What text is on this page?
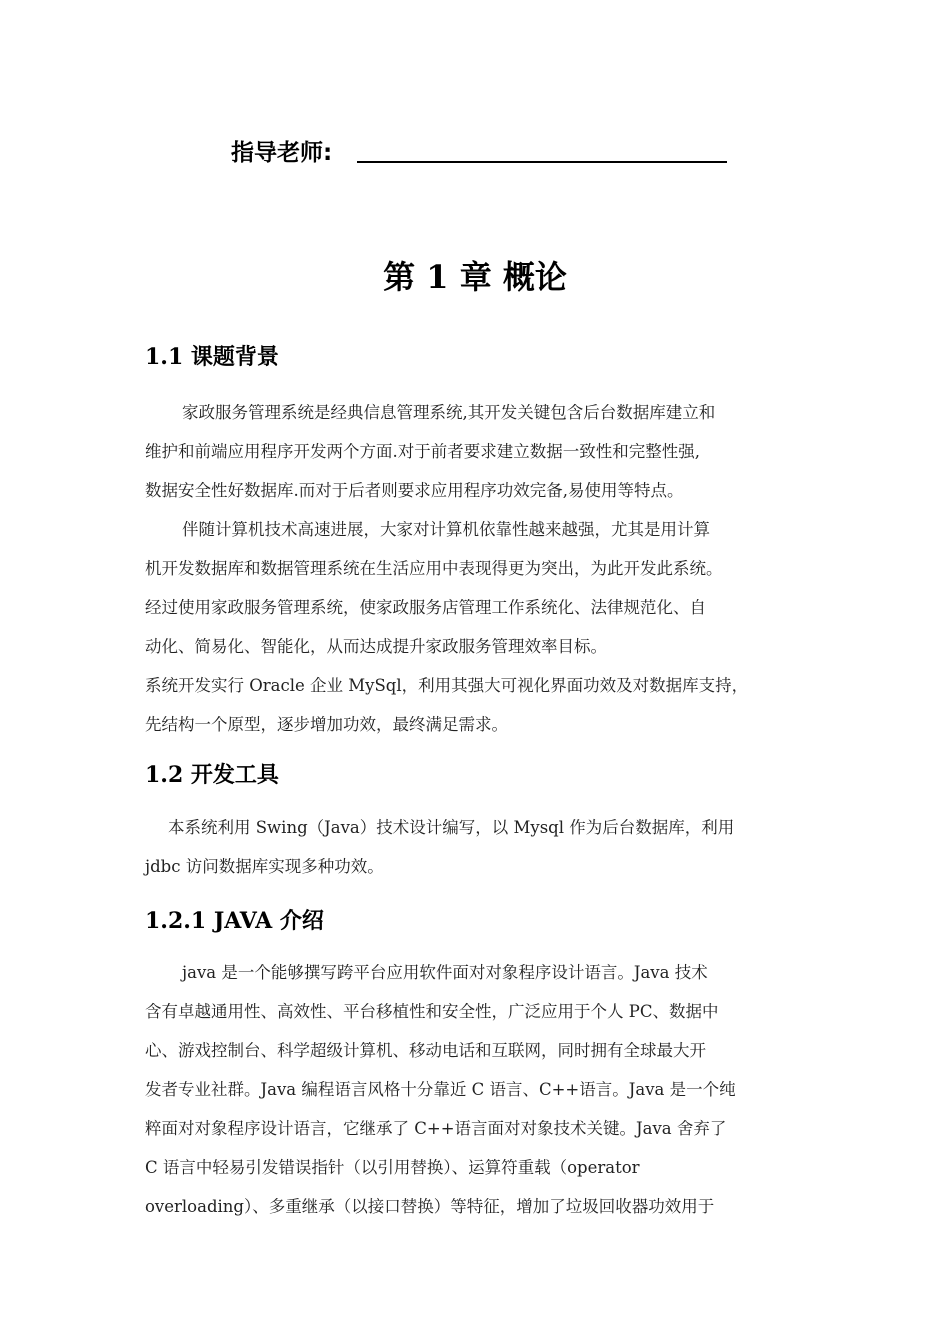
指导老师:
第 1 章 概论
1.1 课题背景
家政服务管理系统是经典信息管理系统,其开发关键包含后台数据库建立和
维护和前端应用程序开发两个方面.对于前者要求建立数据一致性和完整性强,
数据安全性好数据库.而对于后者则要求应用程序功效完备,易使用等特点。
伴随计算机技术高速进展，大家对计算机依靠性越来越强，尤其是用计算
机开发数据库和数据管理系统在生活应用中表现得更为突出，为此开发此系统。
经过使用家政服务管理系统，使家政服务店管理工作系统化、法律规范化、自
动化、简易化、智能化，从而达成提升家政服务管理效率目标。
系统开发实行 Oracle 企业 MySql，利用其强大可视化界面功效及对数据库支持，
先结构一个原型，逐步增加功效，最终满足需求。
1.2 开发工具
本系统利用 Swing（Java）技术设计编写，以 Mysql 作为后台数据库，利用
jdbc 访问数据库实现多种功效。
1.2.1 JAVA 介绍
java 是一个能够撰写跨平台应用软件面对对象程序设计语言。Java 技术
含有卓越通用性、高效性、平台移植性和安全性，广泛应用于个人 PC、数据中
心、游戏控制台、科学超级计算机、移动电话和互联网，同时拥有全球最大开
发者专业社群。Java 编程语言风格十分靠近 C 语言、C++语言。Java 是一个纯
粹面对对象程序设计语言，它继承了 C++语言面对对象技术关键。Java 舍弃了
C 语言中轻易引发错误指针（以引用替换）、运算符重载（operator
overloading）、多重继承（以接口替换）等特征，增加了垃圾回收器功效用于
